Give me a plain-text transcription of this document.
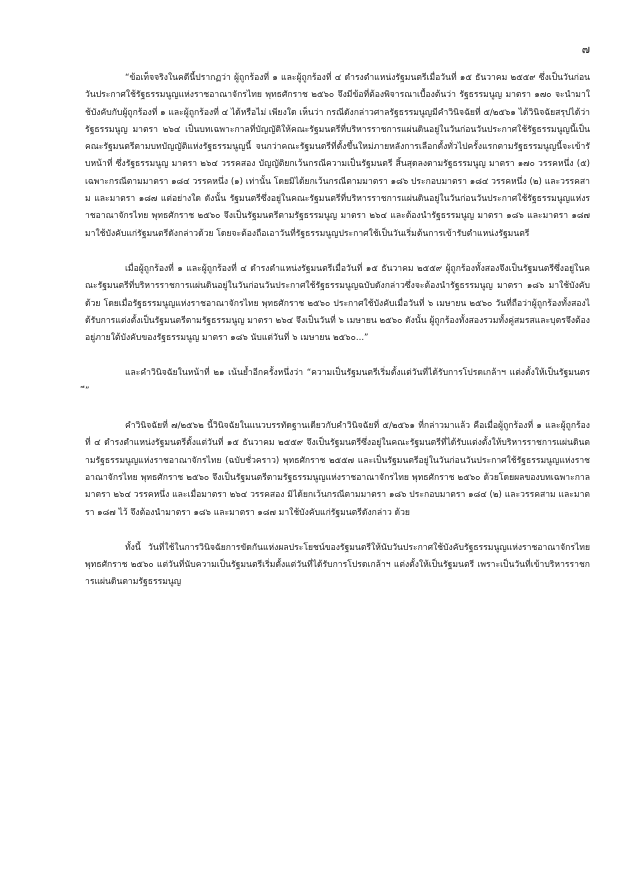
๗

“ข้อเท็จจริงในคดีนี้ปรากฏว่า ผู้ถูกร้องที่ ๑ และผู้ถูกร้องที่ ๔ ดำรงตำแหน่งรัฐมนตรีเมื่อวันที่ ๑๕ ธันวาคม ๒๕๕๙ ซึ่งเป็นวันก่อนวันประกาศใช้รัฐธรรมนูญแห่งราชอาณาจักรไทย พุทธศักราช ๒๕๖๐ จึงมีข้อที่ต้องพิจารณาเบื้องต้นว่า รัฐธรรมนูญ มาตรา ๑๗๐ จะนำมาใช้บังคับกับผู้ถูกร้องที่ ๑ และผู้ถูกร้องที่ ๔ ได้หรือไม่ เพียงใด เห็นว่า กรณีดังกล่าวศาลรัฐธรรมนูญมีคำวินิจฉัยที่ ๕/๒๕๖๑ ได้วินิจฉัยสรุปได้ว่า รัฐธรรมนูญ มาตรา ๒๖๔ เป็นบทเฉพาะกาลที่บัญญัติให้คณะรัฐมนตรีที่บริหารราชการแผ่นดินอยู่ในวันก่อนวันประกาศใช้รัฐธรรมนูญนี้เป็น คณะรัฐมนตรีตามบทบัญญัติแห่งรัฐธรรมนูญนี้ จนกว่าคณะรัฐมนตรีที่ตั้งขึ้นใหม่ภายหลังการเลือกตั้งทั่วไปครั้งแรกตามรัฐธรรมนูญนี้จะเข้ารับหน้าที่ ซึ่งรัฐธรรมนูญ มาตรา ๒๖๔ วรรคสอง บัญญัติยกเว้นกรณีความเป็นรัฐมนตรี สิ้นสุดลงตามรัฐธรรมนูญ มาตรา ๑๗๐ วรรคหนึ่ง (๕) เฉพาะกรณีตามมาตรา ๑๘๔ วรรคหนึ่ง (๑) เท่านั้น โดยมิได้ยกเว้นกรณีตามมาตรา ๑๘๖ ประกอบมาตรา ๑๘๔ วรรคหนึ่ง (๒) และวรรคสาม และมาตรา ๑๘๗ แต่อย่างใด ดังนั้น รัฐมนตรีซึ่งอยู่ในคณะรัฐมนตรีที่บริหารราชการแผ่นดินอยู่ในวันก่อนวันประกาศใช้รัฐธรรมนูญแห่งราชอาณาจักรไทย พุทธศักราช ๒๕๖๐ จึงเป็นรัฐมนตรีตามรัฐธรรมนูญ มาตรา ๒๖๔ และต้องนำรัฐธรรมนูญ มาตรา ๑๘๖ และมาตรา ๑๘๗ มาใช้บังคับแก่รัฐมนตรีดังกล่าวด้วย โดยจะต้องถือเอาวันที่รัฐธรรมนูญประกาศใช้เป็นวันเริ่มต้นการเข้ารับตำแหน่งรัฐมนตรี

เมื่อผู้ถูกร้องที่ ๑ และผู้ถูกร้องที่ ๔ ดำรงตำแหน่งรัฐมนตรีเมื่อวันที่ ๑๕ ธันวาคม ๒๕๕๙ ผู้ถูกร้องทั้งสองจึงเป็นรัฐมนตรีซึ่งอยู่ในคณะรัฐมนตรีที่บริหารราชการแผ่นดินอยู่ในวันก่อนวันประกาศใช้รัฐธรรมนูญฉบับดังกล่าวซึ่งจะต้องนำรัฐธรรมนูญ มาตรา ๑๘๖ มาใช้บังคับด้วย โดยเมื่อรัฐธรรมนูญแห่งราชอาณาจักรไทย พุทธศักราช ๒๕๖๐ ประกาศใช้บังคับเมื่อวันที่ ๖ เมษายน ๒๕๖๐ วันที่ถือว่าผู้ถูกร้องทั้งสองได้รับการแต่งตั้งเป็นรัฐมนตรีตามรัฐธรรมนูญ มาตรา ๒๖๔ จึงเป็นวันที่ ๖ เมษายน ๒๕๖๐ ดังนั้น ผู้ถูกร้องทั้งสองรวมทั้งคู่สมรสและบุตรจึงต้องอยู่ภายใต้บังคับของรัฐธรรมนูญ มาตรา ๑๘๖ นับแต่วันที่ ๖ เมษายน ๒๕๖๐...”

และคำวินิจฉัยในหน้าที่ ๒๑ เน้นย้ำอีกครั้งหนึ่งว่า “ความเป็นรัฐมนตรีเริ่มตั้งแต่วันที่ได้รับการโปรดเกล้าฯ แต่งตั้งให้เป็นรัฐมนตรี”

คำวินิจฉัยที่ ๗/๒๕๖๒ นี้วินิจฉัยในแนวบรรทัดฐานเดียวกับคำวินิจฉัยที่ ๕/๒๕๖๑ ที่กล่าวมาแล้ว คือเมื่อผู้ถูกร้องที่ ๑ และผู้ถูกร้องที่ ๔ ดำรงตำแหน่งรัฐมนตรีตั้งแต่วันที่ ๑๕ ธันวาคม ๒๕๕๙ จึงเป็นรัฐมนตรีซึ่งอยู่ในคณะรัฐมนตรีที่ได้รับแต่งตั้งให้บริหารราชการแผ่นดินตามรัฐธรรมนูญแห่งราชอาณาจักรไทย (ฉบับชั่วคราว) พุทธศักราช ๒๕๕๗ และเป็นรัฐมนตรีอยู่ในวันก่อนวันประกาศใช้รัฐธรรมนูญแห่งราชอาณาจักรไทย พุทธศักราช ๒๕๖๐ จึงเป็นรัฐมนตรีตามรัฐธรรมนูญแห่งราชอาณาจักรไทย พุทธศักราช ๒๕๖๐ ด้วยโดยผลของบทเฉพาะกาล มาตรา ๒๖๔ วรรคหนึ่ง และเมื่อมาตรา ๒๖๔ วรรคสอง มิได้ยกเว้นกรณีตามมาตรา ๑๘๖ ประกอบมาตรา ๑๘๔ (๒) และวรรคสาม และมาตรา ๑๘๗ ไว้ จึงต้องนำมาตรา ๑๘๖ และมาตรา ๑๘๗ มาใช้บังคับแก่รัฐมนตรีดังกล่าว ด้วย

ทั้งนี้ วันที่ใช้ในการวินิจฉัยการขัดกันแห่งผลประโยชน์ของรัฐมนตรีให้นับวันประกาศใช้บังคับรัฐธรรมนูญแห่งราชอาณาจักรไทย พุทธศักราช ๒๕๖๐ แต่วันที่นับความเป็นรัฐมนตรีเริ่มตั้งแต่วันที่ได้รับการโปรดเกล้าฯ แต่งตั้งให้เป็นรัฐมนตรี เพราะเป็นวันที่เข้าบริหารราชการแผ่นดินตามรัฐธรรมนูญ
